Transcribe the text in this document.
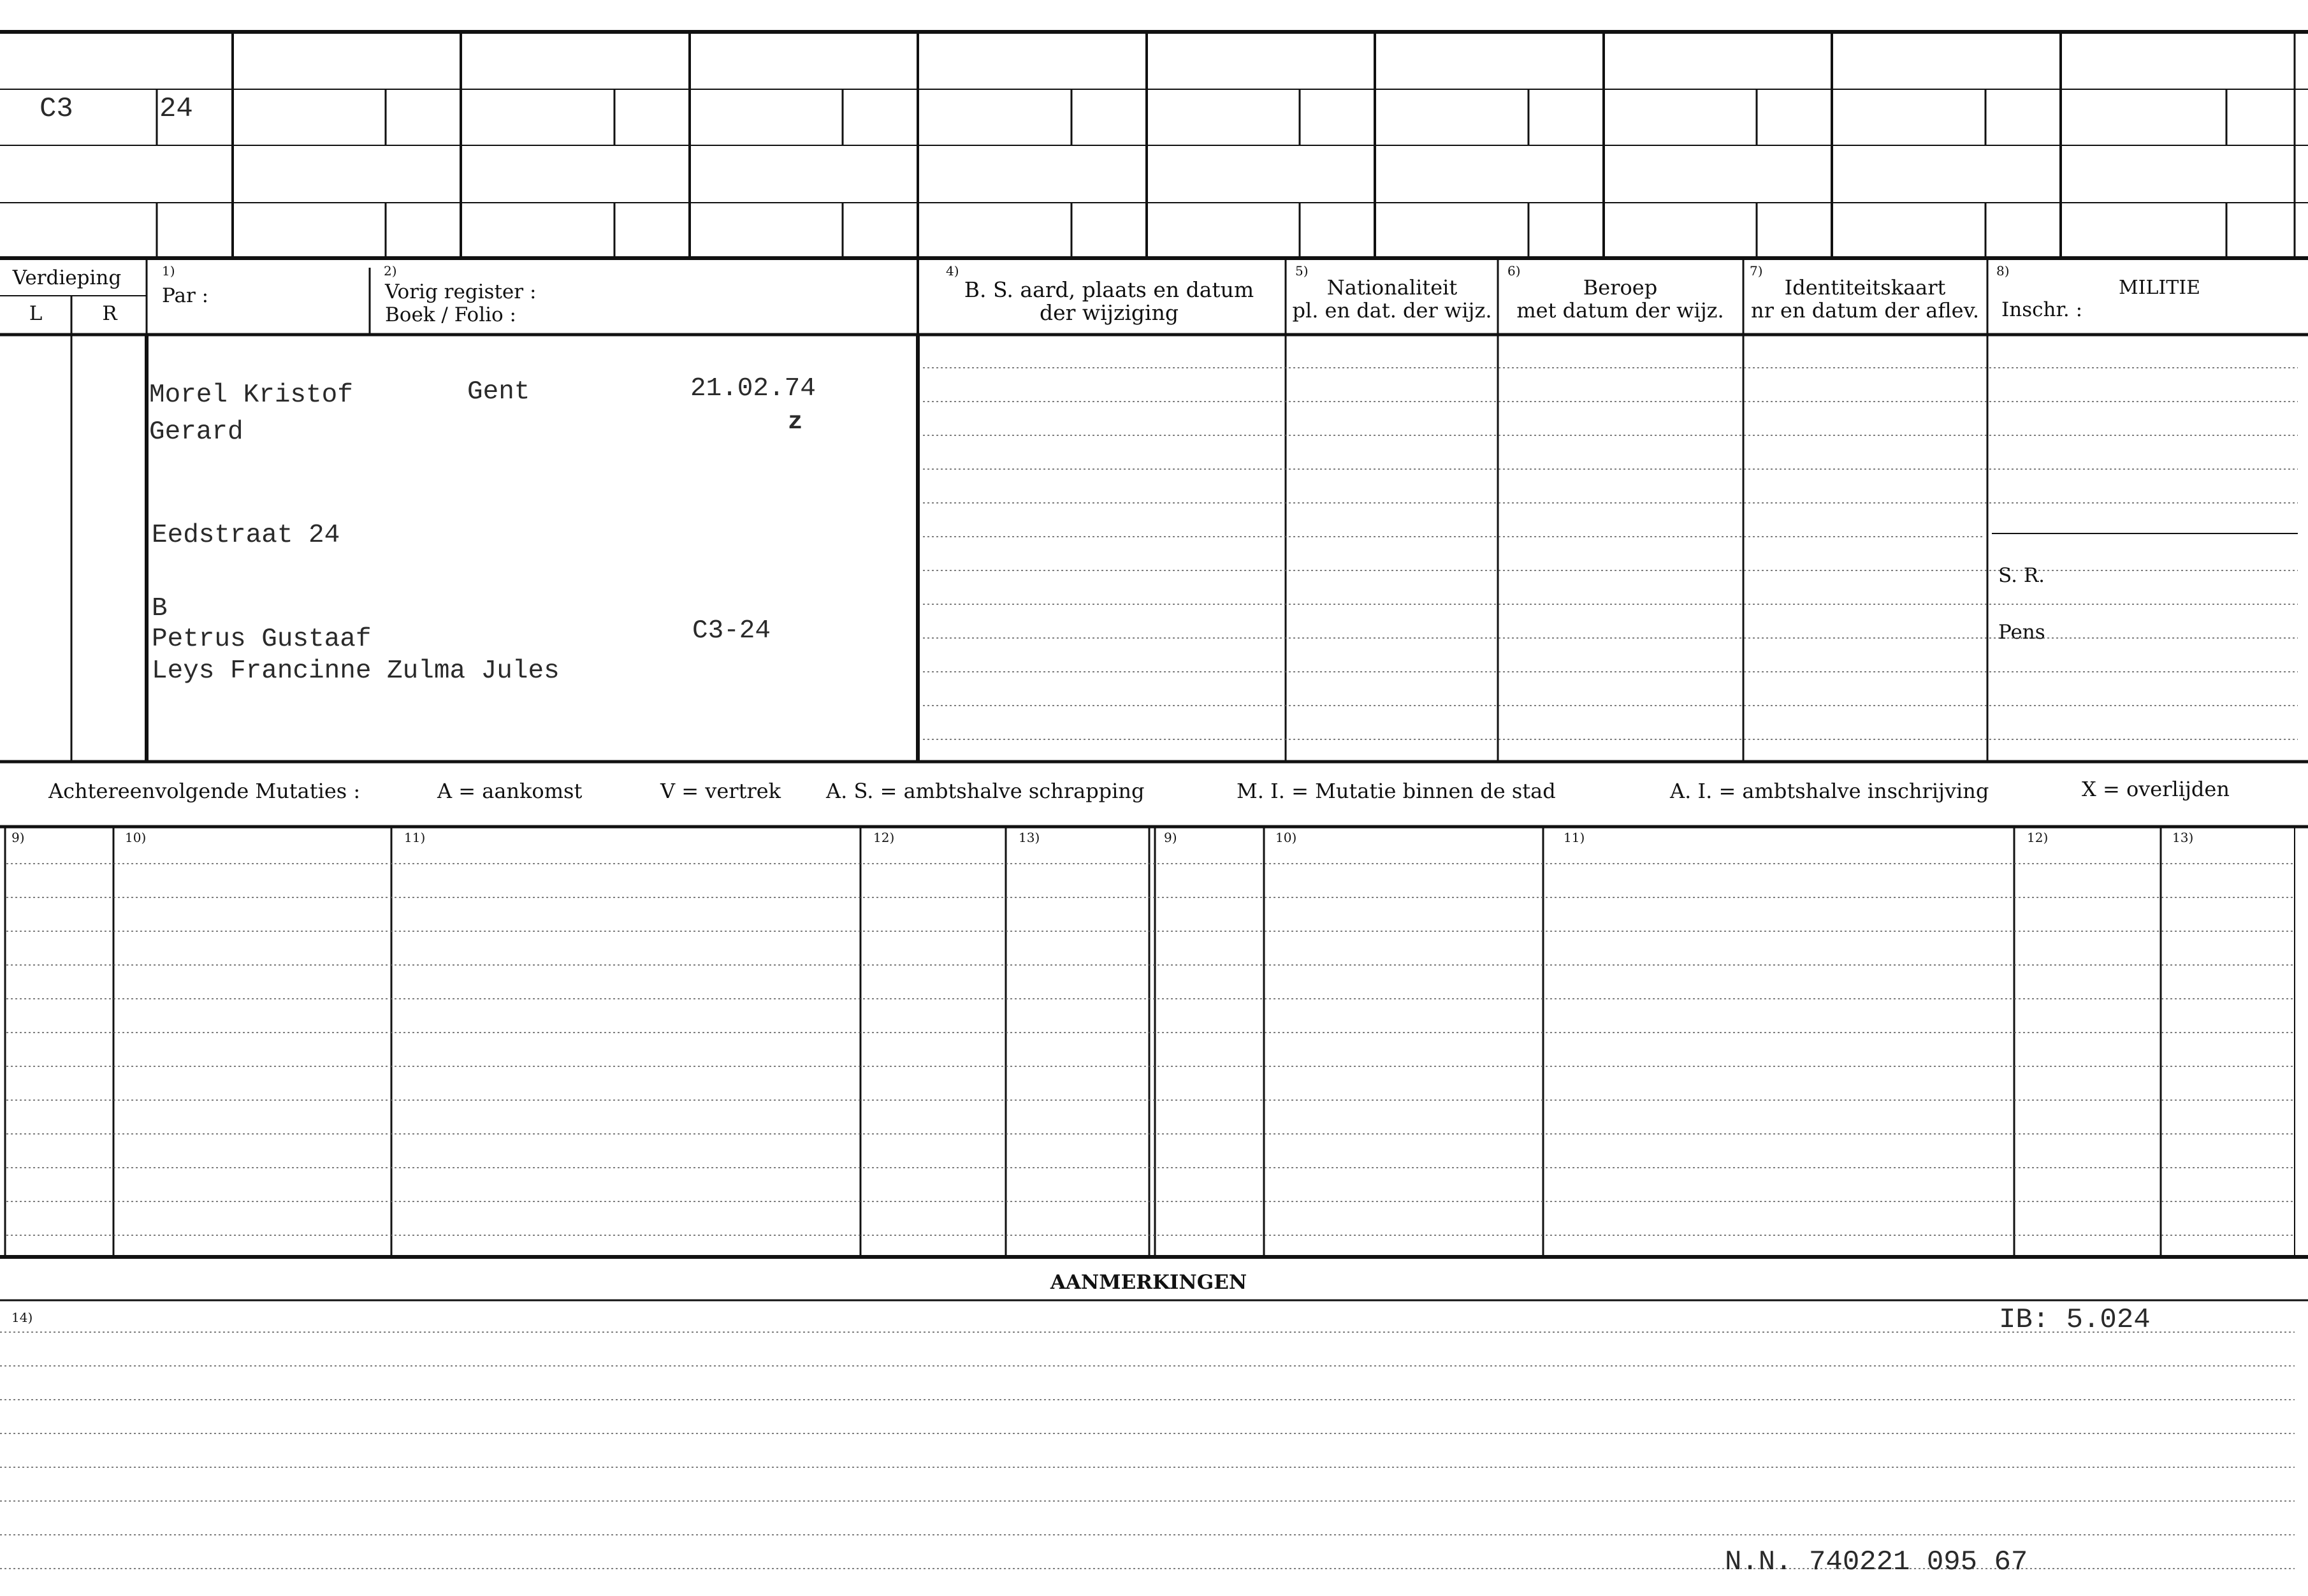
C3	24
Verdieping
L	R
1)
Par :
2)
Vorig register :
Boek / Folio :
4)
B. S. aard, plaats en datum
der wijziging
5)
Nationaliteit
pl. en dat. der wijz.
6)
Beroep
met datum der wijz.
7)
Identiteitskaart
nr en datum der aflev.
8)
MILITIE
Inschr. :
S. R.
Pens
Morel Kristof
Gerard
Gent	21.02.74
z
Eedstraat 24
B
Petrus Gustaaf
Leys Francinne Zulma Jules
C3-24
Achtereenvolgende Mutaties :	A = aankomst	V = vertrek A. S. = ambtshalve schrapping	M. I. = Mutatie binnen de stad	A. I. = ambtshalve inschrijving	X = overlijden
9)	10)	11)	12)	13)	9)	10)	11)	12)	13)
AANMERKINGEN
14)	IB: 5.024
N.N. 740221 095 67
